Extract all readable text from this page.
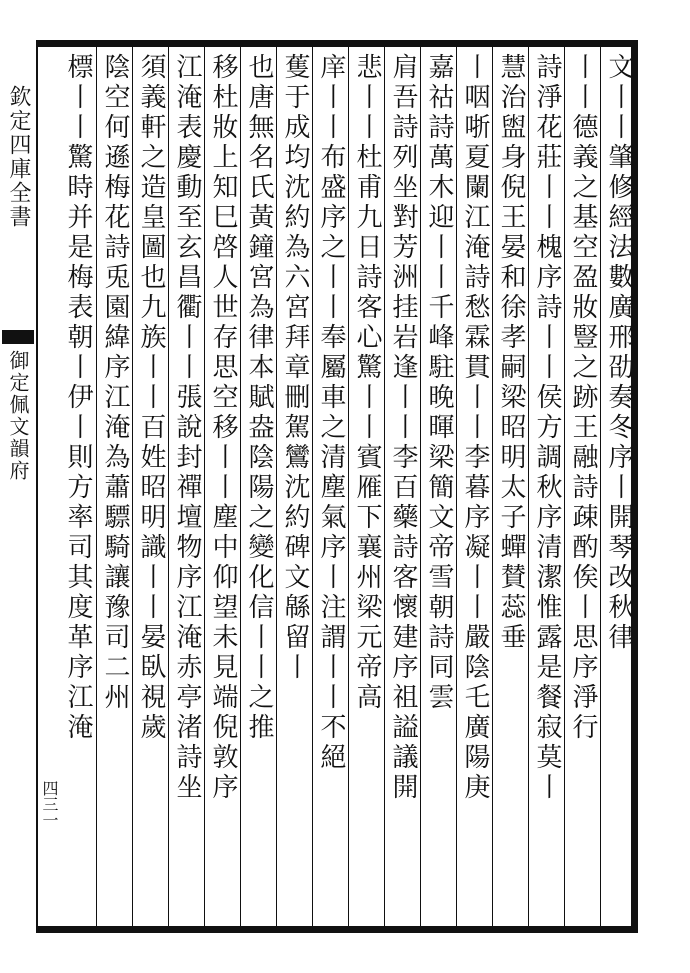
欽定四庫全書
御定佩文韻府
四三一
文丨丨肇修經法數廣邢劭奏冬序丨開琴改秋律
丨丨德義之基空盈妝豎之跡王融詩疎酌俟丨思序淨行
詩淨花莊丨丨槐序詩丨丨侯方調秋序清潔惟露是餐寂莫丨
慧治盥身倪王晏和徐孝嗣梁昭明太子蟬賛蕊垂
丨咽哳夏闌江淹詩愁霖貫丨丨李暮序凝丨丨嚴陰乇廣陽庚
嘉祜詩萬木迎丨丨千峰駐晚暉梁簡文帝雪朝詩同雲
肩吾詩列坐對芳洲挂岩逢丨丨李百藥詩客懷建序祖謚議開
悲丨丨杜甫九日詩客心驚丨丨賓雁下襄州梁元帝高
庠丨丨布盛序之丨丨奉屬車之清塵氣序丨注謂丨丨不絕
蒦于成均沈約為六宮拜章刪駕鸞沈約碑文緜留丨
也唐無名氏黃鐘宮為律本賦盎陰陽之變化信丨丨之推
移杜妝上知巳啓人世存思空移丨丨塵中仰望未見端倪敦序
江淹表慶動至玄昌衢丨丨張說封禪壇物序江淹赤亭渚詩坐
須義軒之造皇圖也九族丨丨百姓昭明識丨丨晏臥視歲
陰空何遜梅花詩兎園緯序江淹為蕭驃騎讓豫司二州
標丨丨驚時并是梅表朝丨伊丨則方率司其度革序江淹
